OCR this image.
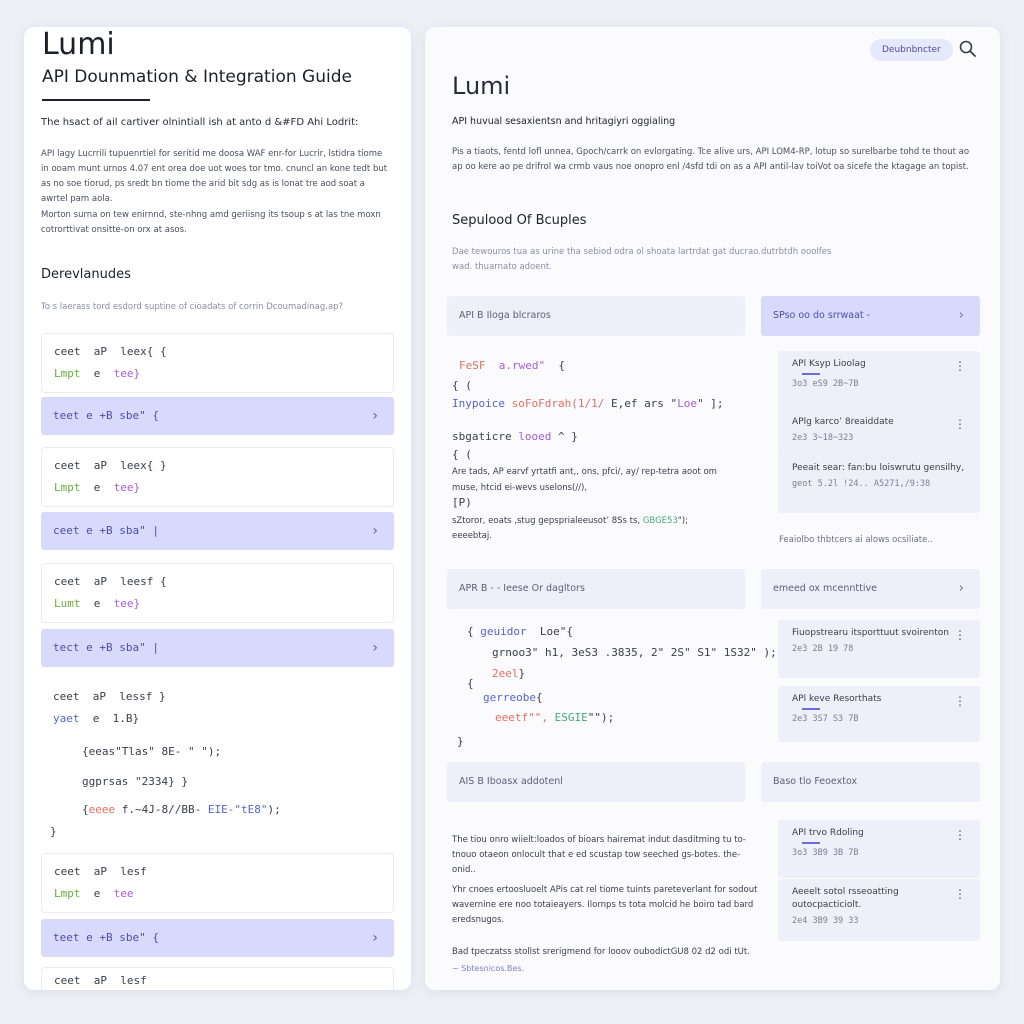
Lumi
API Dounmation & Integration Guide
The hsact of ail cartiver olnintiall ish at anto d &#FD Ahi Lodrit:
API lagy Lucrrili tupuenrtiel for seritid me doosa WAF enr-for Lucrir, lstidra tiome in ooam munt urnos 4.07 ent orea doe uot woes tor tmo. cnuncl an kone tedt but as no soe tiorud, ps sredt bn tiome the arid bit sdg as is lonat tre aod soat a awrtel pam aola.
Morton surna on tew enirnnd, ste-nhng amd geriisng its tsoup s at las tne moxn cotrorttivat onsitte-on orx at asos.
Derevlanudes
To s laerass tord esdord suptine of cioadats of corrin Dcoumadinag.ap?
ceet  aP  leex{ {
Lmpt e tee}
teet e +B sbe" {	›
ceet  aP  leex{ }
Lmpt e tee}
ceet e +B sba" |	›
ceet  aP  leesf {
Lumt e tee}
tect e +B sba" |	›
ceet  aP  lessf }
yaet e 1.B}
{eeas"Tlas" 8E- " ");
ggprsas "2334} }
{eeee f.~4J-8//BB- EIE-"tE8");
}
ceet  aP  lesf
Lmpt e tee
teet e +B sbe" {	›
ceet  aP  lesf
Deubnbncter
Lumi
API huvual sesaxientsn and hritagiyri oggialing
Pis a tiaots, fentd lofl unnea, Gpoch/carrk on evlorgating. Tce alive urs, API LOM4-RP, lotup so surelbarbe tohd te thout ao ap oo kere ao pe drifrol wa crmb vaus noe onopro enl /4sfd tdi on as a API antil-lav toiVot oa sicefe the ktagage an topist.
Sepulood Of Bcuples
Dae tewouros tua as urine tha sebiod odra ol shoata lartrdat gat ducrao.dutrbtdh ooolfes wad. thuarnato adoent.
API B Iloga blcraros	SPso oo do srrwaat -	›
FeSF a.rwed" {
{ (
Inypoice soFoFdrah(1/1/ E,ef ars "Loe" ];
sbgaticre looed ^ }
{ (
Are tads, AP earvf yrtatfi ant,, ons, pfci/, ay/ rep-tetra aoot om
muse, htcid ei-wevs uselons(//),
[P)
sZtoror, eoats ,stug gepsprialeeusot’ 8Ss ts, GBGE53");
eeeebtaj.
APl Ksyp Lioolag
3o3 eS9 2B~7B
⋮
APlg karco’ 8reaiddate
2e3 3~18~323
⋮
Peeait sear: fan:bu loiswrutu gensilhy,
geot 5.2l !24.. A5271,/9:38
Feaiolbo thbtcers ai alows ocsiliate..
APR B - - Ieese Or dagltors	emeed ox mcennttive	›
{ geuidor  Loe"{
grnoo3" h1, 3eS3 .3835, 2" 2S" S1" 1S32" );
2eel}
{
gerreobe{
eeetf"", ESGIE"");
}
Fiuopstrearu itsporttuut svoirenton
2e3 2B 19 78
⋮
APl keve Resorthats
2e3 3S7 S3 7B
⋮
AIS B Iboasx addotenl	Baso tlo Feoextox
The tiou onro wiielt:loados of bioars hairemat indut dasditming tu to-tnouo otaeon onlocult that e ed scustap tow seeched gs-botes. the-onid..
Yhr cnoes ertoosluoelt APis cat rel tiome tuints pareteverlant for sodout wavernine ere noo totaieayers. Ilornps ts tota molcid he boiro tad bard eredsnugos.
Bad tpeczatss stollst srerigmend for looov oubodictGU8 02 d2 odi tUt.
~ Sbtesnicos.Bes.
APl trvo Rdoling
3o3 3B9 3B 7B
⋮
Aeeelt sotol rsseoatting outocpacticiolt.
2e4 3B9 39 33
⋮
